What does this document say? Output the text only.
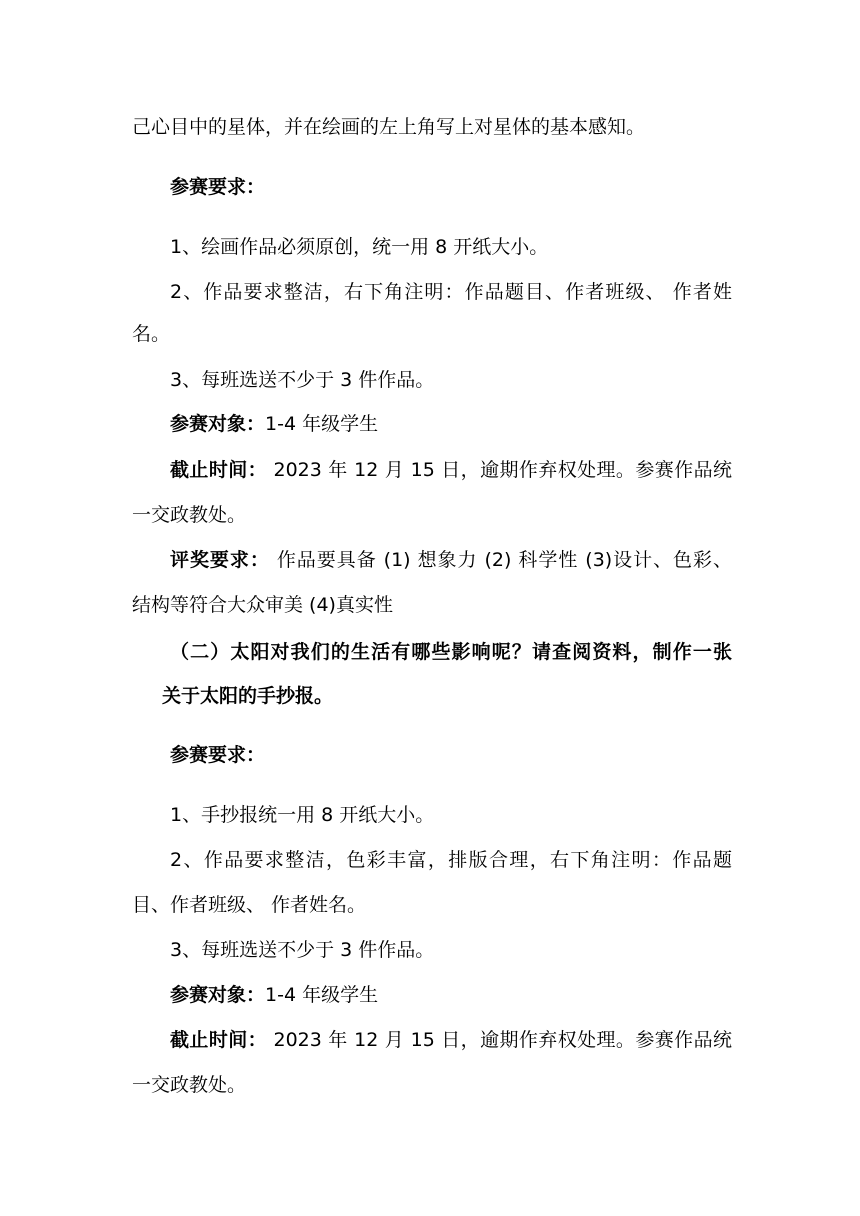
己心目中的星体，并在绘画的左上角写上对星体的基本感知。
参赛要求：
1、绘画作品必须原创，统一用 8 开纸大小。
2、作品要求整洁，右下角注明：作品题目、作者班级、 作者姓
名。
3、每班选送不少于 3 件作品。
参赛对象：1-4 年级学生
截止时间： 2023 年 12 月 15 日，逾期作弃权处理。参赛作品统
一交政教处。
评奖要求： 作品要具备 (1) 想象力 (2) 科学性 (3)设计、色彩、
结构等符合大众审美 (4)真实性
（二）太阳对我们的生活有哪些影响呢？请查阅资料，制作一张
关于太阳的手抄报。
参赛要求：
1、手抄报统一用 8 开纸大小。
2、作品要求整洁，色彩丰富，排版合理，右下角注明：作品题
目、作者班级、 作者姓名。
3、每班选送不少于 3 件作品。
参赛对象：1-4 年级学生
截止时间： 2023 年 12 月 15 日，逾期作弃权处理。参赛作品统
一交政教处。
